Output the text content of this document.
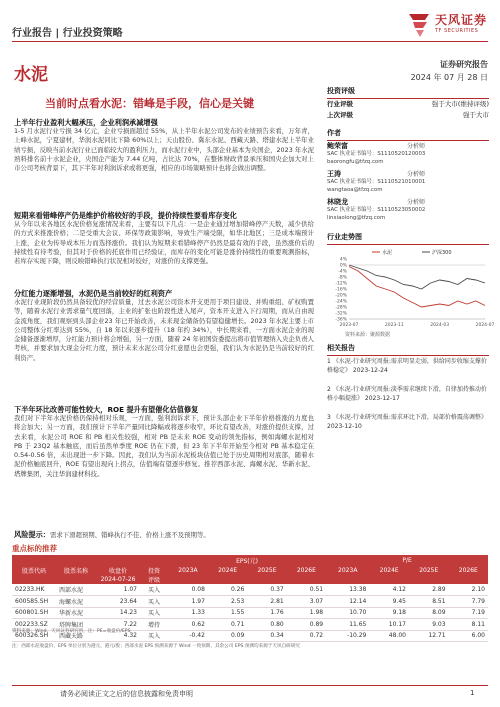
行业报告 | 行业投资策略
天风证券
TF SECURITIES
水泥
证券研究报告
2024 年 07 月 28 日
当前时点看水泥：错峰是手段，信心是关键
上半年行业盈利大幅承压，企业利润承减增强
1-5 月水泥行业亏损 34 亿元，企业亏损面超过 55%，从上半年水泥公司发布的业绩预告来看，万年青，上峰水泥，宁夏建材，华润水泥同比下降 60%以上；天山股份、冀东水泥、西藏天路、塔建水泥上半年业绩亏损，反映当前水泥行业已面临较大的盈利压力，而水泥行业中，头部企业基本为央国企，2023 年水泥熟料排名前十水泥企业，央国企产能为 7.44 亿吨，占比达 70%，在整体财政背景承压和国央企加大对上市公司考核背景下，其下半年对利润诉求或将更强，相应的市场策略预计也将会做出调整。
短期来看错峰停产仍是维护价格较好的手段，提价持续性要看库存变化
从今年以来各地区水泥价格复涨情况来看，主要有以下几点：一是企业通过增加错峰停产天数，减少供给的方式来推涨价格；二是受重大会议、环保等政策影响，导致生产端受限，如华北地区；三是成本端预计上涨，企业为传导成本压力而选择涨价。我们认为短期来看错峰停产仍然是最有效的手段，虽然涨价后的持续性有待考验，但其对于价格的托底作用已经验证，而库存的变化可能是涨价持续性的重要观测指标，若库存实现下降，则反映错峰执行状况相对较好，对涨价的支撑更强。
分红能力逐渐增强，水泥仍是当前较好的红利资产
水泥行业现阶段仍然具备较优的经营质量，过去水泥公司资本开支更用于项目建设、并购重组、矿权购置等，随着水泥行业需求量气度回落，主业的扩张也阶段性进入尾声，资本开支进入下行周期，而从自由现金流角度，我们观察到头部企业23 年已开始改善，未来现金储备仍有望稳健增长。2023 年水泥主要上市公司整体分红率达到 55%，自 18 年以来逐步提升（18 年约 34%），中长期来看，一方面水泥企业的现金储备逐渐增厚，分红能力预计将会增强，另一方面，随着 24 年初国资委提出将市值管理纳入央企负责人考核，并要求加大现金分红力度，预计未来水泥公司分红意愿也会更强，我们认为水泥仍是当前较好的红利资产。
下半年环比改善可能性较大，ROE 提升有望催化估值修复
我们对下半年水泥价格仍保持相对乐观，一方面，强利润诉求下，预计头部企业下半年价格推涨的力度也将会加大；另一方面，我们预计下半年产量同比降幅或将逐步收窄，环比有望改善，对涨价提供支撑，过去来看，水泥公司 ROE 和 PB 相关性较强，相对 PB 是未来 ROE 变动的领先指标，例如海螺水泥相对 PB 于 23Q2 基本触底，而后虽然单季度 ROE 仍在下滑，但 23 年下半年开始至今相对 PB 基本稳定在 0.54-0.56 倍，未出现进一步下降。因此，我们认为当前水泥板块估值已处于历史周期相对底部，随着水泥价格触底回升，ROE 有望出现向上拐点，估值端有望逐步修复。推荐西部水泥、海螺水泥、华新水泥、塔牌集团，关注华润建材科技。
风险提示：需求下滑超预期、错峰执行不佳、价格上涨不及预期等。
投资评级
行业评级	强于大市(维持评级)
上次评级	强于大市
作者
鲍荣富	分析师
SAC 执业证书编号：S1110520120003
baorongfu@tfzq.com
王涛	分析师
SAC 执业证书编号：S1110521010001
wangtaoa@tfzq.com
林晓龙	分析师
SAC 执业证书编号：S1110523050002
linxiaolong@tfzq.com
行业走势图
4%
0%
-4%
-8%
-12%
-16%
-20%
-24%
-28%
-32%
-36%
2023-07	2023-11	2024-03	2024-07
水泥	沪深300
资料来源：聚源数据
相关报告
1 《水泥-行业研究周报:需求明显走弱，供给同步收缩支撑价格稳定》 2023-12-24
2 《水泥-行业研究周报:淡季需求继续下滑，自律加持推动价格小幅提涨》 2023-12-17
3 《水泥-行业研究周报:需求环比下滑，局部价格震荡调整》 2023-12-10
重点标的推荐
				EPS(元)				P/E			
股票代码	股票名称	收盘价	投资	2023A	2024E	2025E	2026E	2023A	2024E	2025E	2026E
		2024-07-26	评级								
02233.HK	西部水泥	1.07	买入	0.08	0.26	0.37	0.51	13.38	4.12	2.89	2.10
600585.SH	海螺水泥	23.64	买入	1.97	2.53	2.81	3.07	12.14	9.45	8.51	7.79
600801.SH	华新水泥	14.23	买入	1.33	1.55	1.76	1.98	10.70	9.18	8.09	7.19
002233.SZ	塔牌集团	7.22	增持	0.62	0.71	0.80	0.89	11.65	10.17	9.03	8.11
600326.SH	西藏天路	4.32	买入	-0.42	0.09	0.34	0.72	-10.29	48.00	12.71	6.00
资料来源：Wind、天风证券研究所，注：PE=收盘价/EPS
注：西部水泥收盘价、EPS 单位分别为港元、港元/股；西部水泥 EPS 预测来源于 Wind 一致预期，其余公司 EPS 预测均来源于天风自研研究
请务必阅读正文之后的信息披露和免责申明	1
